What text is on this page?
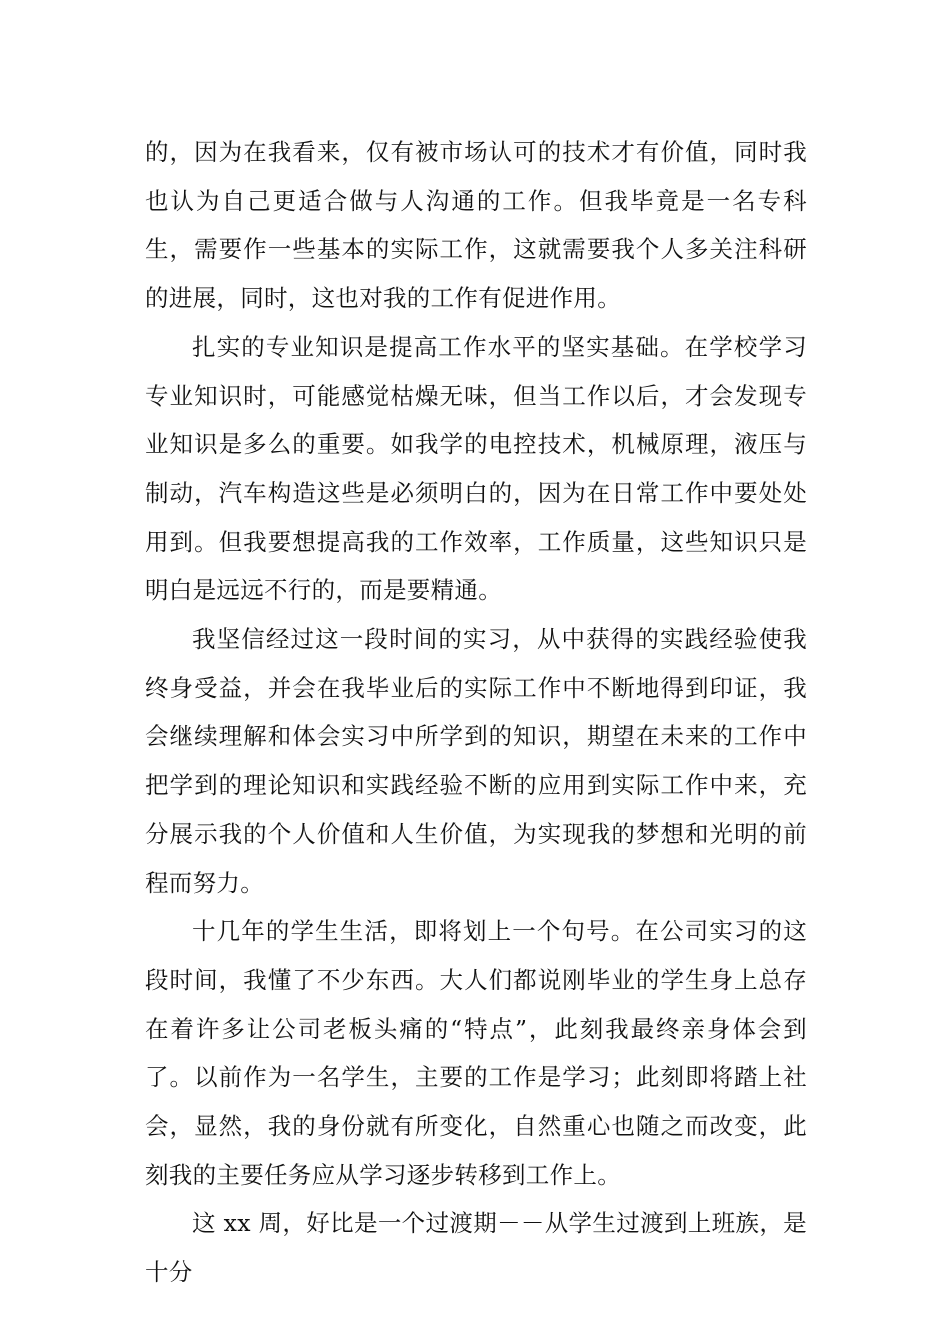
的，因为在我看来，仅有被市场认可的技术才有价值，同时我也认为自己更适合做与人沟通的工作。但我毕竟是一名专科生，需要作一些基本的实际工作，这就需要我个人多关注科研的进展，同时，这也对我的工作有促进作用。

扎实的专业知识是提高工作水平的坚实基础。在学校学习专业知识时，可能感觉枯燥无味，但当工作以后，才会发现专业知识是多么的重要。如我学的电控技术，机械原理，液压与制动，汽车构造这些是必须明白的，因为在日常工作中要处处用到。但我要想提高我的工作效率，工作质量，这些知识只是明白是远远不行的，而是要精通。

我坚信经过这一段时间的实习，从中获得的实践经验使我终身受益，并会在我毕业后的实际工作中不断地得到印证，我会继续理解和体会实习中所学到的知识，期望在未来的工作中把学到的理论知识和实践经验不断的应用到实际工作中来，充分展示我的个人价值和人生价值，为实现我的梦想和光明的前程而努力。

十几年的学生生活，即将划上一个句号。在公司实习的这段时间，我懂了不少东西。大人们都说刚毕业的学生身上总存在着许多让公司老板头痛的“特点”，此刻我最终亲身体会到了。以前作为一名学生，主要的工作是学习；此刻即将踏上社会，显然，我的身份就有所变化，自然重心也随之而改变，此刻我的主要任务应从学习逐步转移到工作上。

这 xx 周，好比是一个过渡期－－从学生过渡到上班族，是十分
